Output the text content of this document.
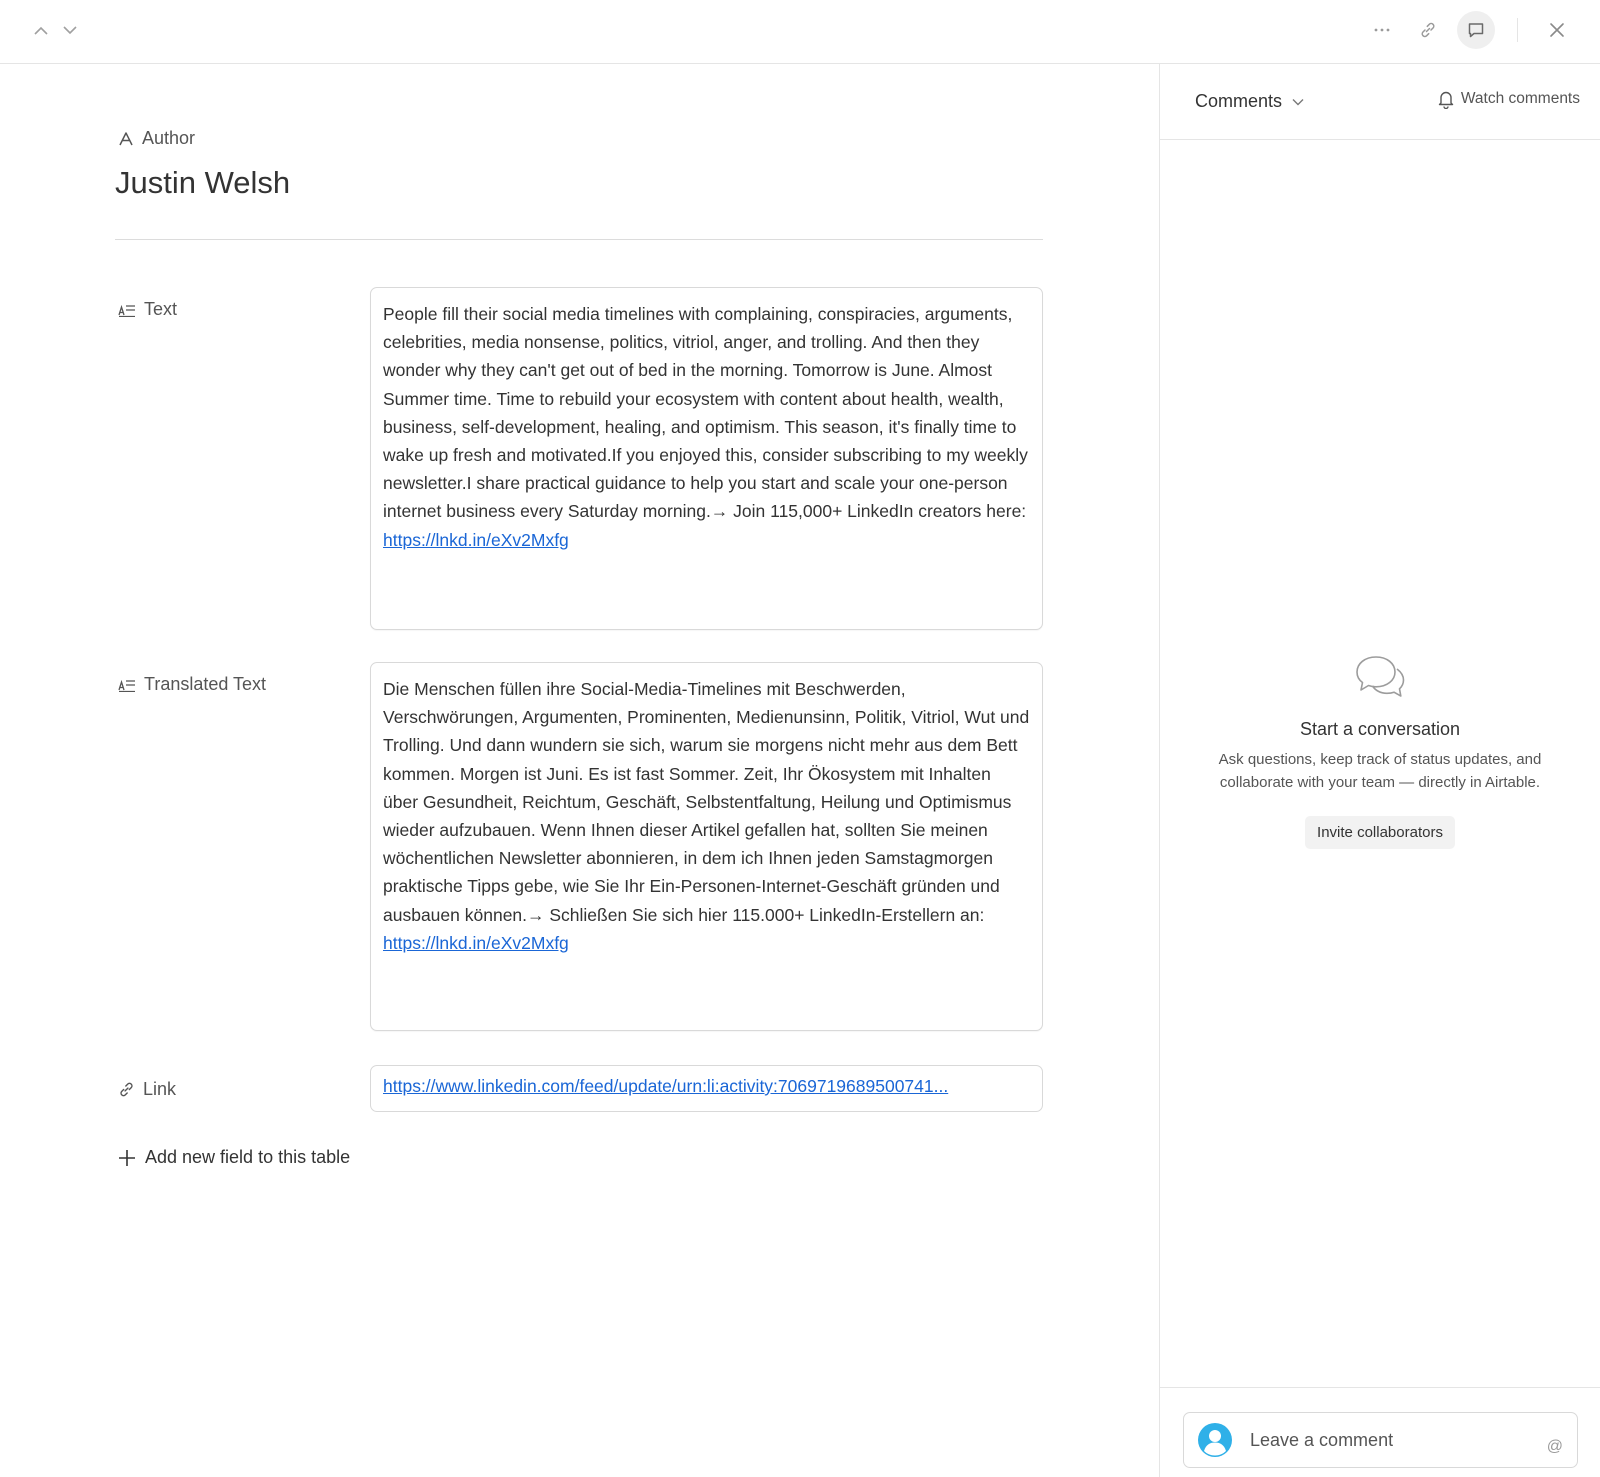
Author
Justin Welsh
Text	People fill their social media timelines with complaining, conspiracies, arguments, celebrities, media nonsense, politics, vitriol, anger, and trolling. And then they wonder why they can't get out of bed in the morning. Tomorrow is June. Almost Summer time. Time to rebuild your ecosystem with content about health, wealth, business, self-development, healing, and optimism. This season, it's finally time to wake up fresh and motivated.If you enjoyed this, consider subscribing to my weekly newsletter.I share practical guidance to help you start and scale your one-person internet business every Saturday morning.→ Join 115,000+ LinkedIn creators here: https://lnkd.in/eXv2Mxfg
Translated Text	Die Menschen füllen ihre Social-Media-Timelines mit Beschwerden, Verschwörungen, Argumenten, Prominenten, Medienunsinn, Politik, Vitriol, Wut und Trolling. Und dann wundern sie sich, warum sie morgens nicht mehr aus dem Bett kommen. Morgen ist Juni. Es ist fast Sommer. Zeit, Ihr Ökosystem mit Inhalten über Gesundheit, Reichtum, Geschäft, Selbstentfaltung, Heilung und Optimismus wieder aufzubauen. Wenn Ihnen dieser Artikel gefallen hat, sollten Sie meinen wöchentlichen Newsletter abonnieren, in dem ich Ihnen jeden Samstagmorgen praktische Tipps gebe, wie Sie Ihr Ein-Personen-Internet-Geschäft gründen und ausbauen können.→ Schließen Sie sich hier 115.000+ LinkedIn-Erstellern an: https://lnkd.in/eXv2Mxfg
Link	https://www.linkedin.com/feed/update/urn:li:activity:7069719689500741...
Add new field to this table
Comments	Watch comments
Start a conversation
Ask questions, keep track of status updates, and collaborate with your team — directly in Airtable.
Invite collaborators
Leave a comment
@
